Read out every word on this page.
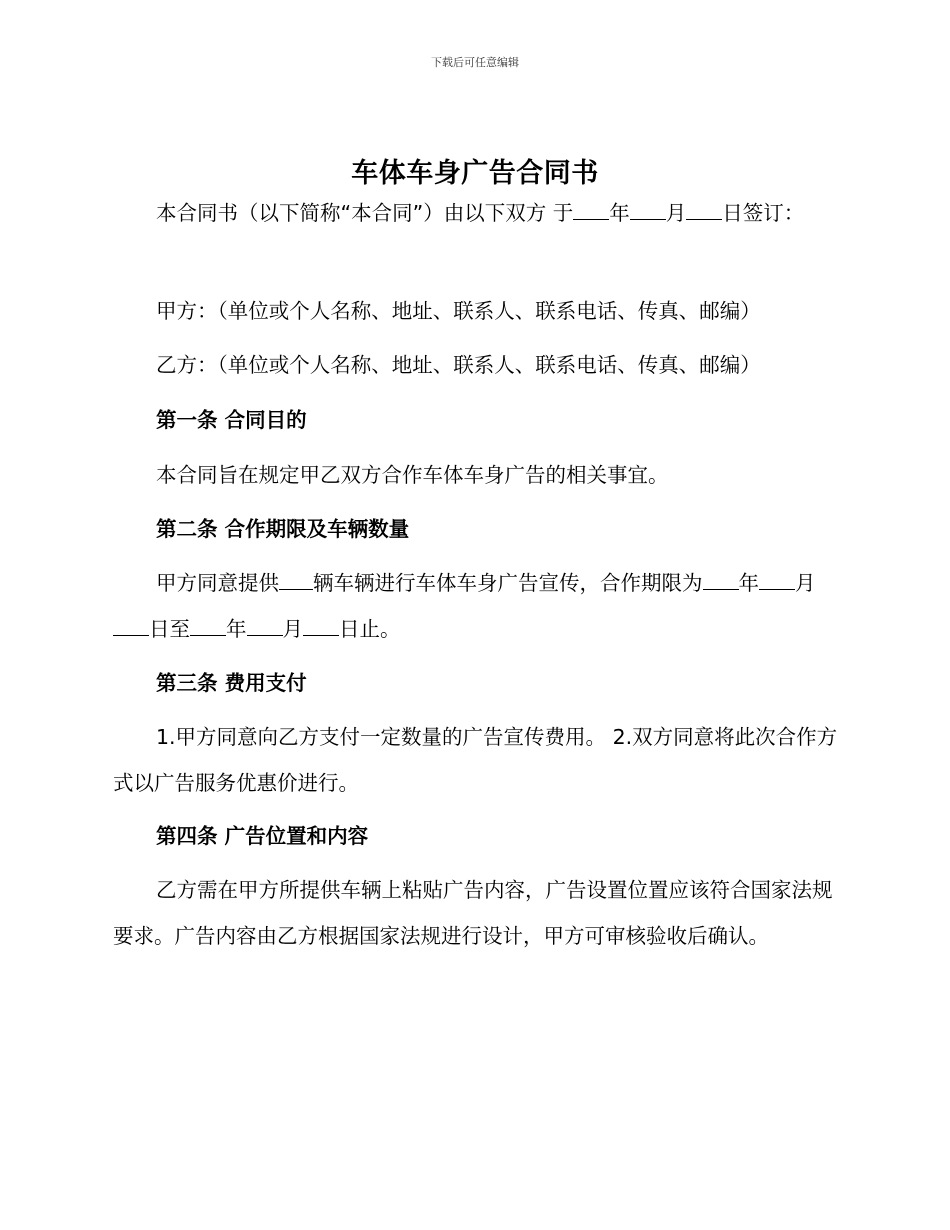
下载后可任意编辑
车体车身广告合同书

本合同书（以下简称“本合同”）由以下双方 于 年 月 日签订：

甲方：（单位或个人名称、地址、联系人、联系电话、传真、邮编）

乙方：（单位或个人名称、地址、联系人、联系电话、传真、邮编）

第一条 合同目的

本合同旨在规定甲乙双方合作车体车身广告的相关事宜。

第二条 合作期限及车辆数量

甲方同意提供 辆车辆进行车体车身广告宣传，合作期限为 年 月日至 年 月 日止。

第三条 费用支付

1.甲方同意向乙方支付一定数量的广告宣传费用。 2.双方同意将此次合作方式以广告服务优惠价进行。

第四条 广告位置和内容

乙方需在甲方所提供车辆上粘贴广告内容，广告设置位置应该符合国家法规要求。广告内容由乙方根据国家法规进行设计，甲方可审核验收后确认。
